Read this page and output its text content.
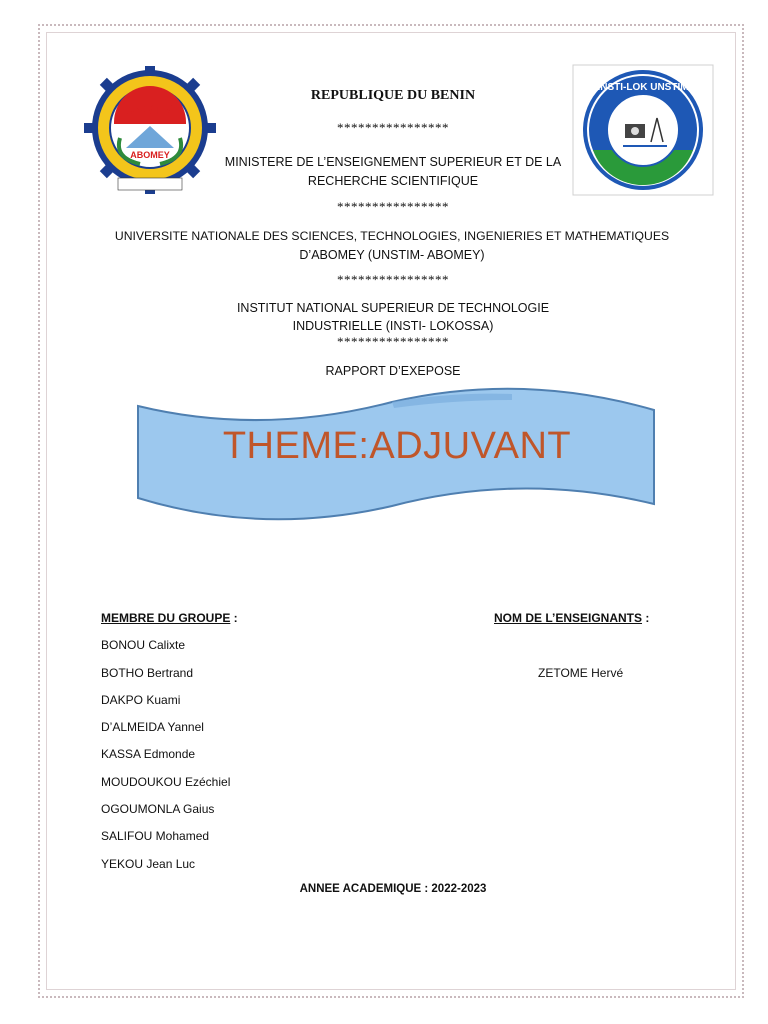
UNSTIM
ABOMEY
INSTI-LOK UNSTIM
REPUBLIQUE DU BENIN
****************
MINISTERE DE L’ENSEIGNEMENT SUPERIEUR ET DE LA
RECHERCHE SCIENTIFIQUE
****************
UNIVERSITE NATIONALE DES SCIENCES, TECHNOLOGIES, INGENIERIES ET MATHEMATIQUES
D’ABOMEY (UNSTIM- ABOMEY)
****************
INSTITUT NATIONAL SUPERIEUR DE TECHNOLOGIE
INDUSTRIELLE (INSTI- LOKOSSA)
****************
RAPPORT D’EXEPOSE
THEME:ADJUVANT
MEMBRE DU GROUPE :	NOM DE L’ENSEIGNANTS :
BONOU Calixte
BOTHO Bertrand
DAKPO Kuami
D’ALMEIDA Yannel
KASSA Edmonde
MOUDOUKOU Ezéchiel
OGOUMONLA Gaius
SALIFOU Mohamed
YEKOU Jean Luc
ZETOME Hervé
ANNEE ACADEMIQUE : 2022-2023
